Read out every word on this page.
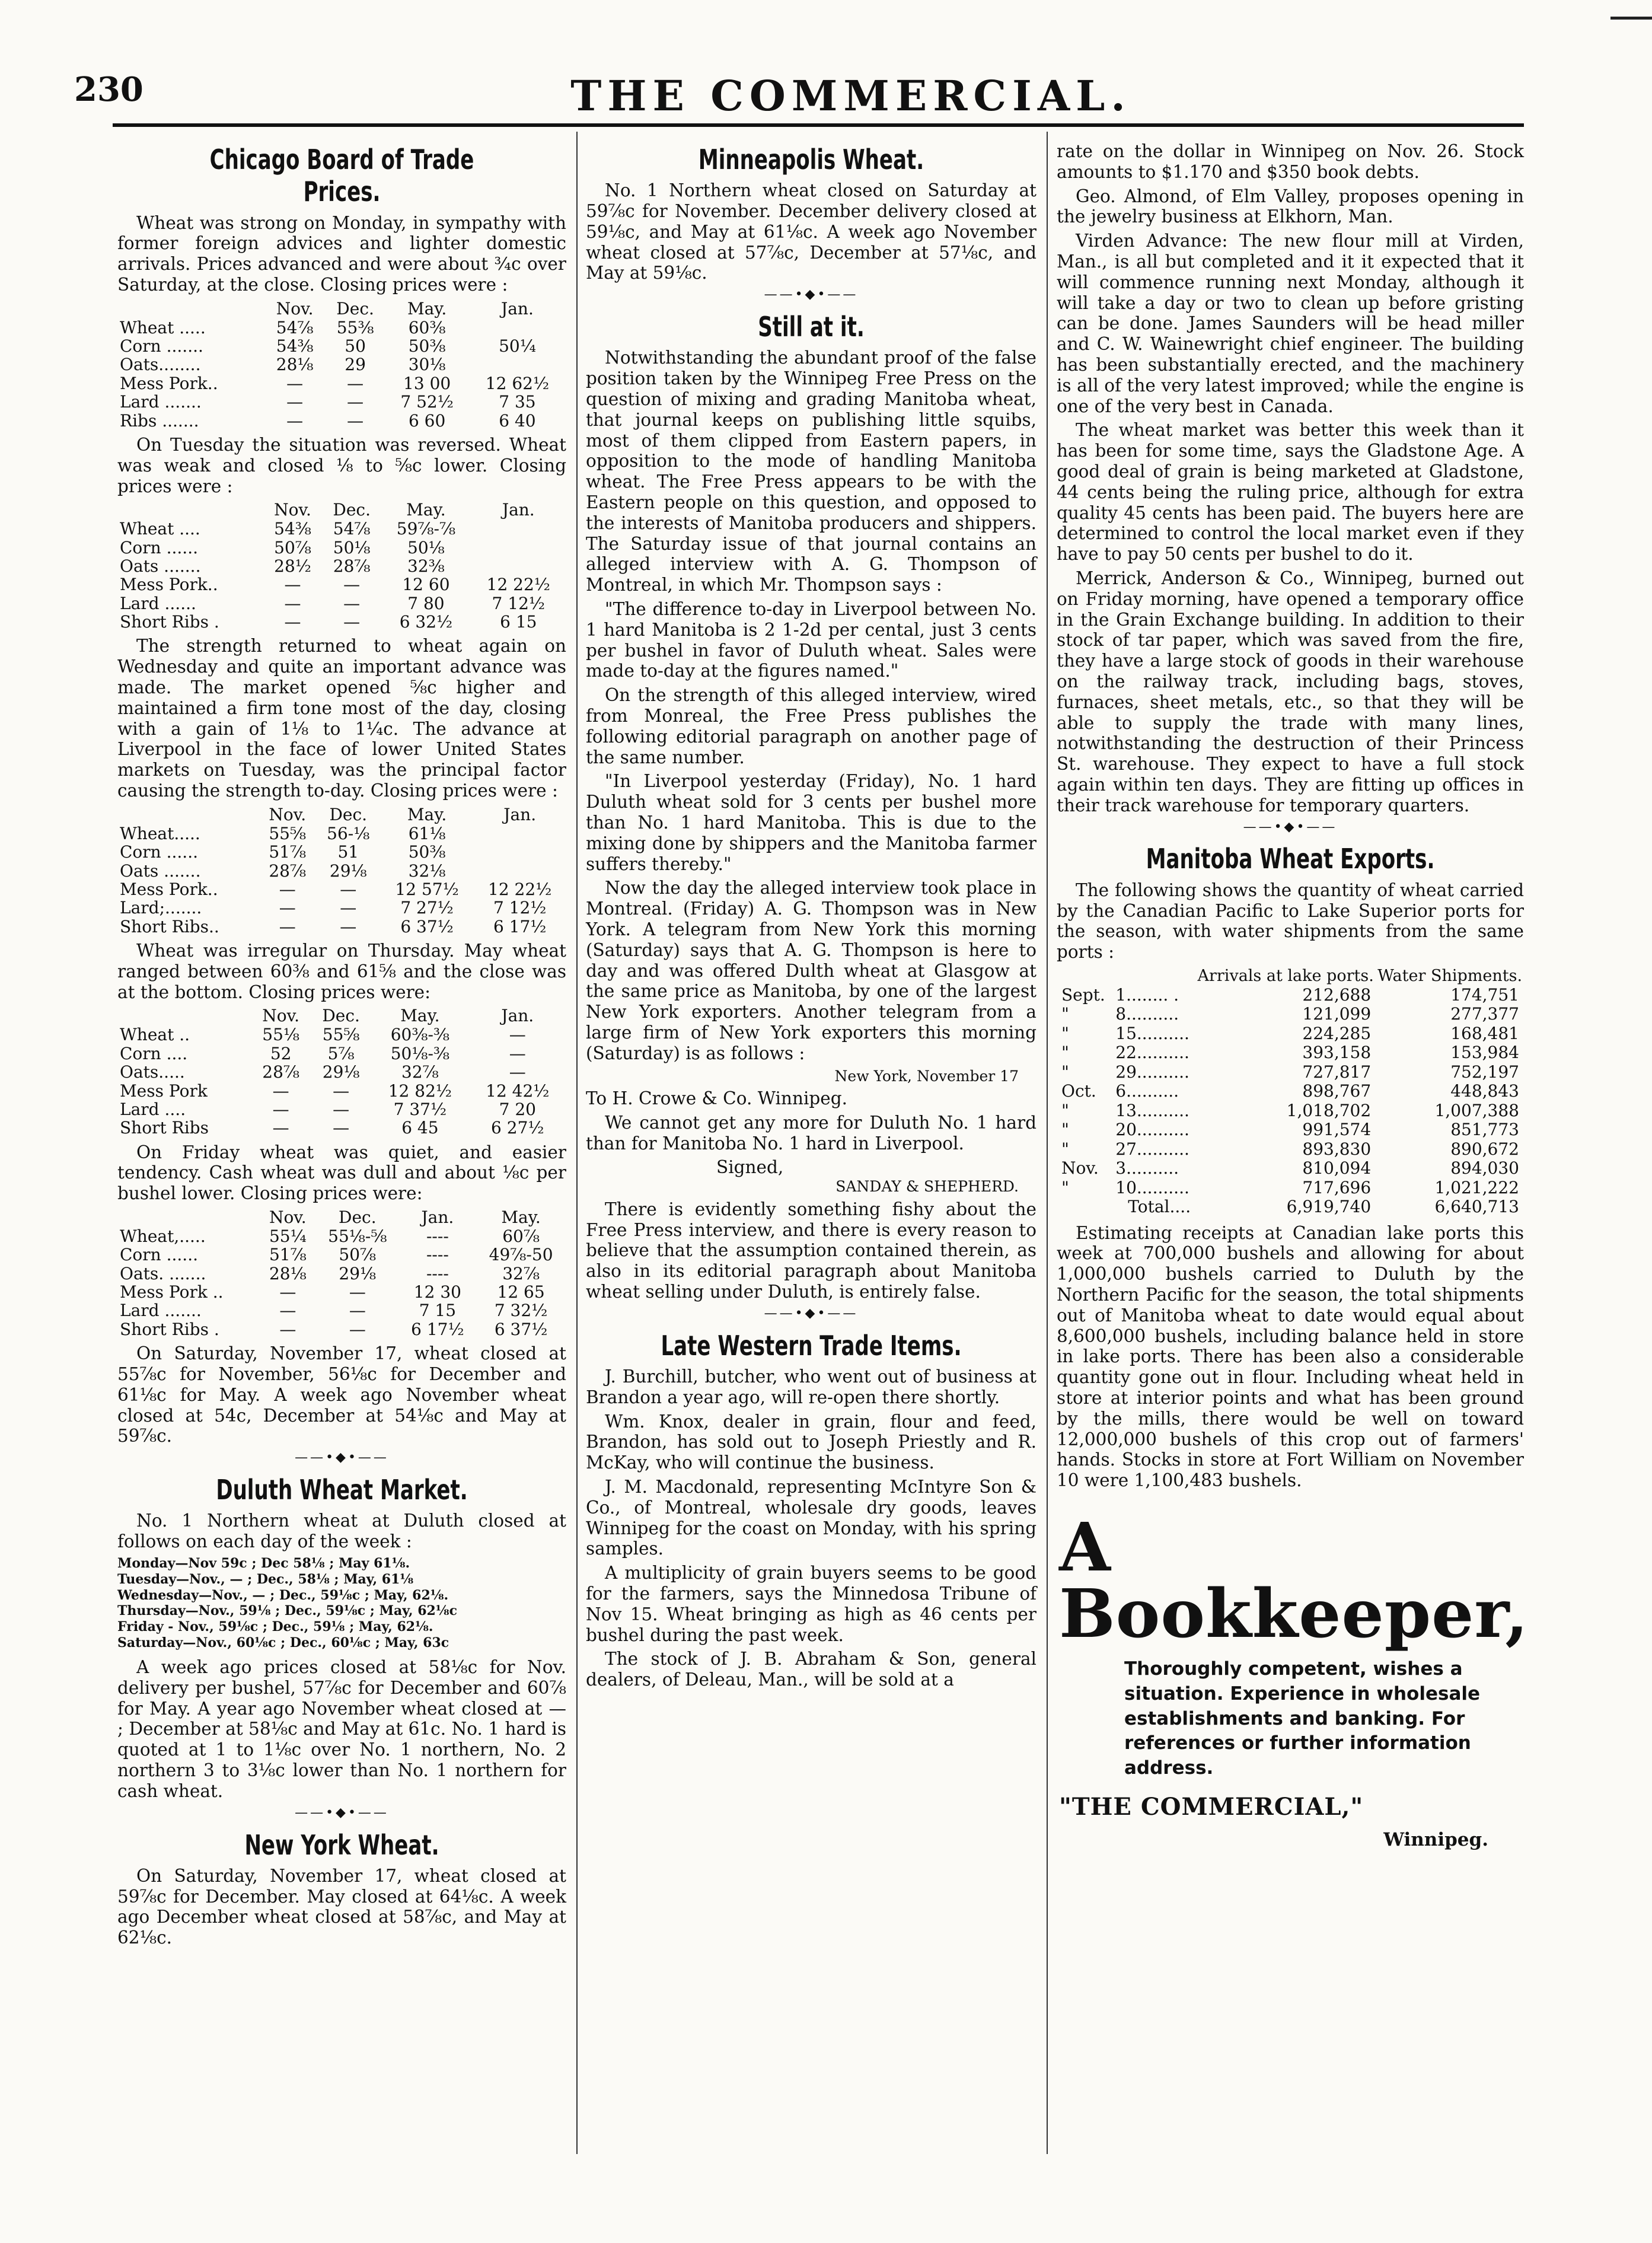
230	THE COMMERCIAL.
Chicago Board of Trade Prices.

Wheat was strong on Monday, in sympathy with former foreign advices and lighter domestic arrivals. Prices advanced and were about ¾c over Saturday, at the close. Closing prices were :

	Nov.	Dec.	May.	Jan.
Wheat .....	54⅞	55⅜	60⅜	
Corn .......	54⅜	50	50⅜	50¼
Oats........	28⅛	29	30⅛	
Mess Pork..	—	—	13 00	12 62½
Lard .......	—	—	7 52½	7 35
Ribs .......	—	—	6 60	6 40

On Tuesday the situation was reversed. Wheat was weak and closed ⅛ to ⅝c lower. Closing prices were :

	Nov.	Dec.	May.	Jan.
Wheat ....	54⅜	54⅞	59⅞-⅞	
Corn ......	50⅞	50⅛	50⅛	
Oats .......	28½	28⅞	32⅜	
Mess Pork..	—	—	12 60	12 22½
Lard ......	—	—	7 80	7 12½
Short Ribs .	—	—	6 32½	6 15

The strength returned to wheat again on Wednesday and quite an important advance was made. The market opened ⅝c higher and maintained a firm tone most of the day, closing with a gain of 1⅛ to 1¼c. The advance at Liverpool in the face of lower United States markets on Tuesday, was the principal factor causing the strength to-day. Closing prices were :

	Nov.	Dec.	May.	Jan.
Wheat.....	55⅝	56-⅛	61⅛	
Corn ......	51⅞	51	50⅜	
Oats .......	28⅞	29⅛	32⅛	
Mess Pork..	—	—	12 57½	12 22½
Lard;.......	—	—	7 27½	7 12½
Short Ribs..	—	—	6 37½	6 17½

Wheat was irregular on Thursday. May wheat ranged between 60⅜ and 61⅝ and the close was at the bottom. Closing prices were:

	Nov.	Dec.	May.	Jan.
Wheat ..	55⅛	55⅝	60⅜-⅜	—
Corn ....	52	5⅞	50⅛-⅜	—
Oats.....	28⅞	29⅛	32⅞	—
Mess Pork	—	—	12 82½	12 42½
Lard ....	—	—	7 37½	7 20
Short Ribs	—	—	6 45	6 27½

On Friday wheat was quiet, and easier tendency. Cash wheat was dull and about ⅛c per bushel lower. Closing prices were:

	Nov.	Dec.	Jan.	May.
Wheat,.....	55¼	55⅛-⅝	----	60⅞
Corn ......	51⅞	50⅞	----	49⅞-50
Oats. .......	28⅛	29⅛	----	32⅞
Mess Pork ..	—	—	12 30	12 65
Lard .......	—	—	7 15	7 32½
Short Ribs .	—	—	6 17½	6 37½

On Saturday, November 17, wheat closed at 55⅞c for November, 56⅛c for December and 61⅛c for May. A week ago November wheat closed at 54c, December at 54⅛c and May at 59⅞c.

——•◆•——
Duluth Wheat Market.

No. 1 Northern wheat at Duluth closed at follows on each day of the week :

Monday—Nov 59c ; Dec 58⅛ ; May 61⅛.
Tuesday—Nov., — ; Dec., 58⅛ ; May, 61⅛
Wednesday—Nov., — ; Dec., 59⅛c ; May, 62⅛.
Thursday—Nov., 59⅛ ; Dec., 59⅛c ; May, 62⅛c
Friday - Nov., 59⅛c ; Dec., 59⅛ ; May, 62⅛.
Saturday—Nov., 60⅛c ; Dec., 60⅛c ; May, 63c

A week ago prices closed at 58⅛c for Nov. delivery per bushel, 57⅞c for December and 60⅞ for May. A year ago November wheat closed at — ; December at 58⅛c and May at 61c. No. 1 hard is quoted at 1 to 1⅛c over No. 1 northern, No. 2 northern 3 to 3⅛c lower than No. 1 northern for cash wheat.

——•◆•——
New York Wheat.

On Saturday, November 17, wheat closed at 59⅞c for December. May closed at 64⅛c. A week ago December wheat closed at 58⅞c, and May at 62⅛c.

Minneapolis Wheat.

No. 1 Northern wheat closed on Saturday at 59⅞c for November. December delivery closed at 59⅛c, and May at 61⅛c. A week ago November wheat closed at 57⅞c, December at 57⅛c, and May at 59⅛c.

——•◆•——
Still at it.

Notwithstanding the abundant proof of the false position taken by the Winnipeg Free Press on the question of mixing and grading Manitoba wheat, that journal keeps on publishing little squibs, most of them clipped from Eastern papers, in opposition to the mode of handling Manitoba wheat. The Free Press appears to be with the Eastern people on this question, and opposed to the interests of Manitoba producers and shippers. The Saturday issue of that journal contains an alleged interview with A. G. Thompson of Montreal, in which Mr. Thompson says :

"The difference to-day in Liverpool between No. 1 hard Manitoba is 2 1-2d per cental, just 3 cents per bushel in favor of Duluth wheat. Sales were made to-day at the figures named."

On the strength of this alleged interview, wired from Monreal, the Free Press publishes the following editorial paragraph on another page of the same number.

"In Liverpool yesterday (Friday), No. 1 hard Duluth wheat sold for 3 cents per bushel more than No. 1 hard Manitoba. This is due to the mixing done by shippers and the Manitoba farmer suffers thereby."

Now the day the alleged interview took place in Montreal. (Friday) A. G. Thompson was in New York. A telegram from New York this morning (Saturday) says that A. G. Thompson is here to day and was offered Dulth wheat at Glasgow at the same price as Manitoba, by one of the largest New York exporters. Another telegram from a large firm of New York exporters this morning (Saturday) is as follows :

New York, November 17

To H. Crowe & Co. Winnipeg.

We cannot get any more for Duluth No. 1 hard than for Manitoba No. 1 hard in Liverpool.

Signed,
SANDAY & SHEPHERD.

There is evidently something fishy about the Free Press interview, and there is every reason to believe that the assumption contained therein, as also in its editorial paragraph about Manitoba wheat selling under Duluth, is entirely false.

——•◆•——
Late Western Trade Items.

J. Burchill, butcher, who went out of business at Brandon a year ago, will re-open there shortly.

Wm. Knox, dealer in grain, flour and feed, Brandon, has sold out to Joseph Priestly and R. McKay, who will continue the business.

J. M. Macdonald, representing McIntyre Son & Co., of Montreal, wholesale dry goods, leaves Winnipeg for the coast on Monday, with his spring samples.

A multiplicity of grain buyers seems to be good for the farmers, says the Minnedosa Tribune of Nov 15. Wheat bringing as high as 46 cents per bushel during the past week.

The stock of J. B. Abraham & Son, general dealers, of Deleau, Man., will be sold at a

rate on the dollar in Winnipeg on Nov. 26. Stock amounts to $1.170 and $350 book debts.

Geo. Almond, of Elm Valley, proposes opening in the jewelry business at Elkhorn, Man.

Virden Advance: The new flour mill at Virden, Man., is all but completed and it it expected that it will commence running next Monday, although it will take a day or two to clean up before gristing can be done. James Saunders will be head miller and C. W. Wainewright chief engineer. The building has been substantially erected, and the machinery is all of the very latest improved; while the engine is one of the very best in Canada.

The wheat market was better this week than it has been for some time, says the Gladstone Age. A good deal of grain is being marketed at Gladstone, 44 cents being the ruling price, although for extra quality 45 cents has been paid. The buyers here are determined to control the local market even if they have to pay 50 cents per bushel to do it.

Merrick, Anderson & Co., Winnipeg, burned out on Friday morning, have opened a temporary office in the Grain Exchange building. In addition to their stock of tar paper, which was saved from the fire, they have a large stock of goods in their warehouse on the railway track, including bags, stoves, furnaces, sheet metals, etc., so that they will be able to supply the trade with many lines, notwithstanding the destruction of their Princess St. warehouse. They expect to have a full stock again within ten days. They are fitting up offices in their track warehouse for temporary quarters.

——•◆•——
Manitoba Wheat Exports.

The following shows the quantity of wheat carried by the Canadian Pacific to Lake Superior ports for the season, with water shipments from the same ports :

		Arrivals at lake ports.	Water Shipments.
Sept.	1........ .	212,688	174,751
"	8..........	121,099	277,377
"	15..........	224,285	168,481
"	22..........	393,158	153,984
"	29..........	727,817	752,197
Oct.	6..........	898,767	448,843
"	13..........	1,018,702	1,007,388
"	20..........	991,574	851,773
"	27..........	893,830	890,672
Nov.	3..........	810,094	894,030
"	10..........	717,696	1,021,222
	Total....	6,919,740	6,640,713

Estimating receipts at Canadian lake ports this week at 700,000 bushels and allowing for about 1,000,000 bushels carried to Duluth by the Northern Pacific for the season, the total shipments out of Manitoba wheat to date would equal about 8,600,000 bushels, including balance held in store in lake ports. There has been also a considerable quantity gone out in flour. Including wheat held in store at interior points and what has been ground by the mills, there would be well on toward 12,000,000 bushels of this crop out of farmers' hands. Stocks in store at Fort William on November 10 were 1,100,483 bushels.

A Bookkeeper,
Thoroughly competent, wishes a situation. Experience in wholesale establishments and banking. For references or further information address.
"THE COMMERCIAL,"
Winnipeg.
